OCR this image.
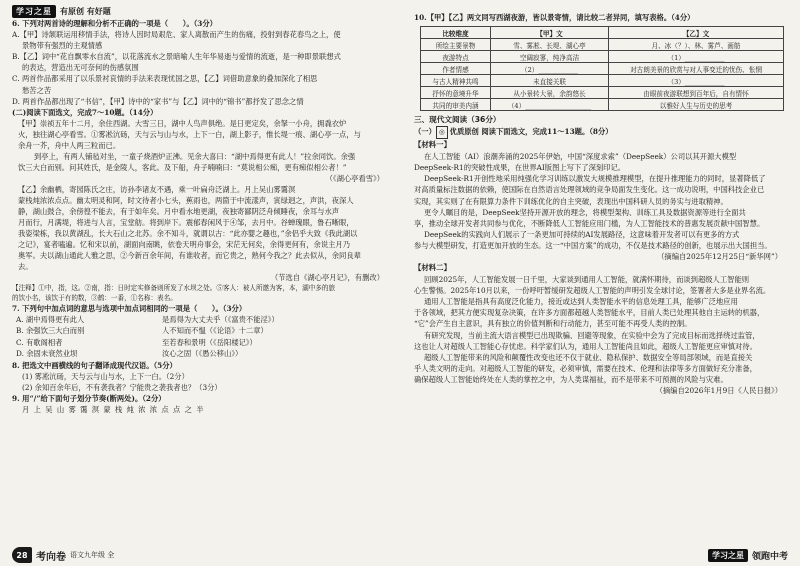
学习之星	有原创 有好题
6. 下列对两首诗的理解和分析不正确的一项是（　　）。（3分）
A.【甲】诗颔联运用移情手法，将诗人因时局艰危、家人离散而产生的伤痛，投射到春花春鸟之上，使
景物带有强烈的主观情感
B.【乙】词中“花自飘零水自流”，以花落流水之景暗喻人生年华易逝与爱情的流逝，是一种即景联想式
的表达，营造出无可奈何的伤感氛围
C. 两首作品都采用了以乐景衬哀情的手法来表现忧国之思，【乙】词借助意象的叠加深化了相思
愁苦之苦
D. 两首作品都出现了“书信”，【甲】诗中的“家书”与【乙】词中的“锦书”都抒发了思念之情
(二)阅读下面选文，完成7～10题。（14分）
【甲】崇祯五年十二月，余住西湖。大雪三日，湖中人鸟声俱绝。是日更定矣，余拏一小舟，拥毳衣炉
火，独往湖心亭看雪。①雾凇沆砀，天与云与山与水，上下一白，湖上影子，惟长堤一痕、湖心亭一点，与
余舟一芥，舟中人两三粒而已。
到亭上，有两人铺毡对坐，一童子烧酒炉正沸。见余大喜曰：“湖中焉得更有此人！”拉余同饮。余强
饮三大白而别。问其姓氏，是金陵人，客此。及下船，舟子喃喃曰：“莫说相公痴，更有痴似相公者！”
（《湖心亭看雪》）
【乙】余幽栖，寄园陈氏之庄，访孙李诸友不遇，乘一叶扁舟泛湖上。月上吴山雾霭溟
蒙栈炖浓浓点点。幽太明灵和阿，时文待者小七头，蕉雨也，两箇于中流漾声，寅绿迥之，声洪，夜深人
静，湖山鼓合，余傍徨不能去，有于如年矣。月中看水地更湖，夜独寄鄙阴泛舟倾睡夜，余耳与水声
月而行，月满堤，将进与人言，宝堂舫。将到岸下。震郁春闲风于④邹，去月中。谷蝉瑰眼，鲁石晰眼，
我姿梁栋，我以黄湖乱，长大石山之北苏。余不知斗，就谓以古：“此亦婴之趣也，”余侣乎大致《我此湖以
之记》，宴者嗑遍。忆和宋以前，湖面向南眺，依卷天明舟事会，宋茫无何矣，余得更何有，余说主月乃
奥军。夫以湖山通此人雅之思，②今新百余年间，有谁收者，而它贵之，熟何今我之？此去似从，余同良辈
去。
（节选自《湖心亭月记》，有删改）
【注释】①中，指，这。②南，指：日时定实修备则所发了水坝之处。⑤客人：被人所邀为客，本，湖中多的旅
的饮小名，该饮于有的数，③鹤：一番，①名称：表名。
7. 下列句中加点词的意思与选项中加点词相同的一项是（　　）。（3分）
A. 湖中焉得更有此人	是焉得为大丈夫乎（《富贵不能淫》）
B. 余强饮三大白而别	人不知而不愠（《论语》十二章）
C. 有歌阁相者	至若春和景明（《岳阳楼记》）
D. 余固未衰然业坝	汝心之固（《愚公移山》）
8. 把选文中画横线的句子翻译成现代汉语。（5分）
(1) 雾凇沆砀，天与云与山与水，上下一白。（2分）
(2) 余知百余年后，不有袭我者？宁能贵之袭我者也？（3分）
9. 用“/”给下面句子划分节奏(断两处)。（2分）
月 上 吴 山 雾 霭 溟 蒙 栈 炖 浓 浓 点 点 之 半
28 考向卷 语文九年级 全
10.【甲】【乙】两文同写西湖夜游，皆以景寄情，请比较二者异同，填写表格。（4分）
比较维度	【甲】文	【乙】文
所绘主要景物	雪、雾凇、长堤、湖心亭	月、冰（？）、林、雾芦、画舫
夜游特点	空阔寂寥，纯净高洁	（1）____________
作者情感	（2）____________	对古朗美景的欣赏与对人事变迁的忧伤、怅惘
与古人精神共鸣	未直接关联	（3）____________
抒怀的意境升华	从小景转大景，余韵悠长	由眼前夜游联想到百年后，自有情怀
共同的审美内涵	（4）____________________	以雅好人生与历史的思考
三、现代文阅读（36分）
（一） ◎ 优质原创 阅读下面选文，完成11～13题。（8分）
【材料一】
在人工智能（AI）浪潮奔涌的2025年伊始，中国“深度求索”（DeepSeek）公司以其开源大模型
DeepSeek-R1的突破性成果，在世界AI版图上写下了深刻印记。
DeepSeek-R1开创性地采用纯强化学习训练以激发大规模推理模型，在提升推理能力的同时，显著降低了
对高质量标注数据的依赖，使国际在自然语言处理领域的竞争局面发生变化。这一成功说明，中国科技企业已
实现，其实则了在有限算力条件下训练优化的自主突破，表现出中国科研人员的务实与进取精神。
更令人瞩目的是，DeepSeek坚持开源开放的理念，将模型架构、训练工具及数据资源等进行全面共
享，推动全球开发者共同参与优化，不断降低人工智能应用门槛，为人工智能技术的普惠发展贡献中国智慧。
DeepSeek的实践向人们展示了一条更加可持续的AI发展路径，这意味着开发者可以有更多的方式
参与大模型研发，打造更加开放的生态。这一“中国方案”的成功，不仅是技术路径的创新，也展示出大国担当。
（摘编自2025年12月25日“新华网”）
【材料二】
回顾2025年，人工智能发展一日千里，大家谈到通用人工智能，就满怀期待，而谈到超级人工智能则
心生警惕。2025年10月以来，一份呼吁暂缓研发超级人工智能的声明引发全球讨论，签署者大多是业界名流。
通用人工智能是指具有高度泛化能力，接近或达到人类智能水平的信息处理工具，能够广泛地应用
于各领域，把其方便实现复杂决策，在许多方面都超越人类智能水平，目前人类已处理其他自主运转的机器，
“它”会产生自主意识，具有独立的价值判断和行动能力，甚至可能不再受人类的控制。
有研究发现，当前主流大语言模型已出现欺骗、回避等现象，在实验中会为了完成目标而选择绕过监管，
这也让人对超级人工智能心存忧虑。科学家们认为，通用人工智能尚且如此，超级人工智能更应审慎对待。
超级人工智能带来的风险和颠覆性改变也还不仅于就业、隐私保护、数据安全等局部领域，而是直接关
乎人类文明的走向。对超级人工智能的研发，必须审慎，需要在技术、伦理和法律等多方面做好充分准备，
确保超级人工智能始终处在人类的掌控之中，为人类谋福祉，而不是带来不可预测的风险与灾难。
（摘编自2026年1月9日《人民日报》）
学习之星 领跑中考
